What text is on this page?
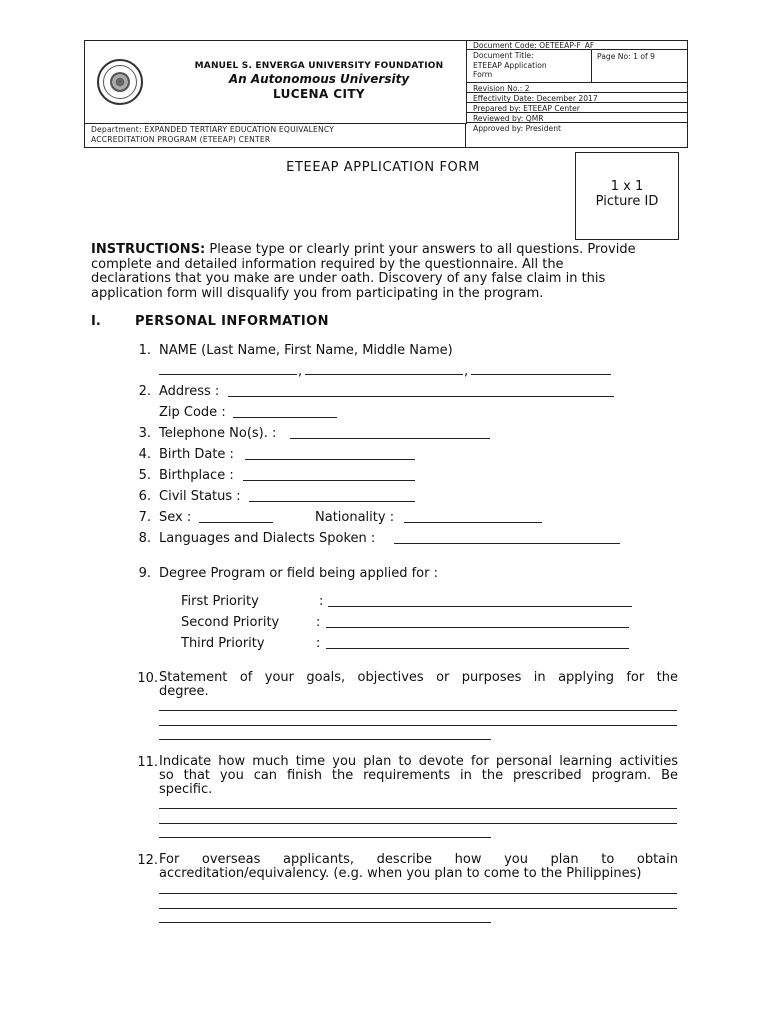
MANUEL S. ENVERGA UNIVERSITY FOUNDATION
An Autonomous University
LUCENA CITY
Department: EXPANDED TERTIARY EDUCATION EQUIVALENCY
ACCREDITATION PROGRAM (ETEEAP) CENTER
Document Code: OETEEAP-F_AF
Document Title:
ETEEAP Application
Form
Page No: 1 of 9
Revision No.: 2
Effectivity Date: December 2017
Prepared by: ETEEAP Center
Reviewed by: QMR
Approved by: President
ETEEAP APPLICATION FORM
1 x 1
Picture ID
INSTRUCTIONS: Please type or clearly print your answers to all questions. Provide
complete and detailed information required by the questionnaire. All the
declarations that you make are under oath. Discovery of any false claim in this
application form will disqualify you from participating in the program.
I.	PERSONAL INFORMATION
1. NAME (Last Name, First Name, Middle Name)
,	,
2. Address :
Zip Code :
3. Telephone No(s). :
4. Birth Date :
5. Birthplace :
6. Civil Status :
7. Sex :	Nationality :
8. Languages and Dialects Spoken :
9. Degree Program or field being applied for :
First Priority	:
Second Priority	:
Third Priority	:
10. Statement of your goals, objectives or purposes in applying for the
degree.
11. Indicate how much time you plan to devote for personal learning activities
so that you can finish the requirements in the prescribed program. Be
specific.
12. For overseas applicants, describe how you plan to obtain
accreditation/equivalency. (e.g. when you plan to come to the Philippines)
